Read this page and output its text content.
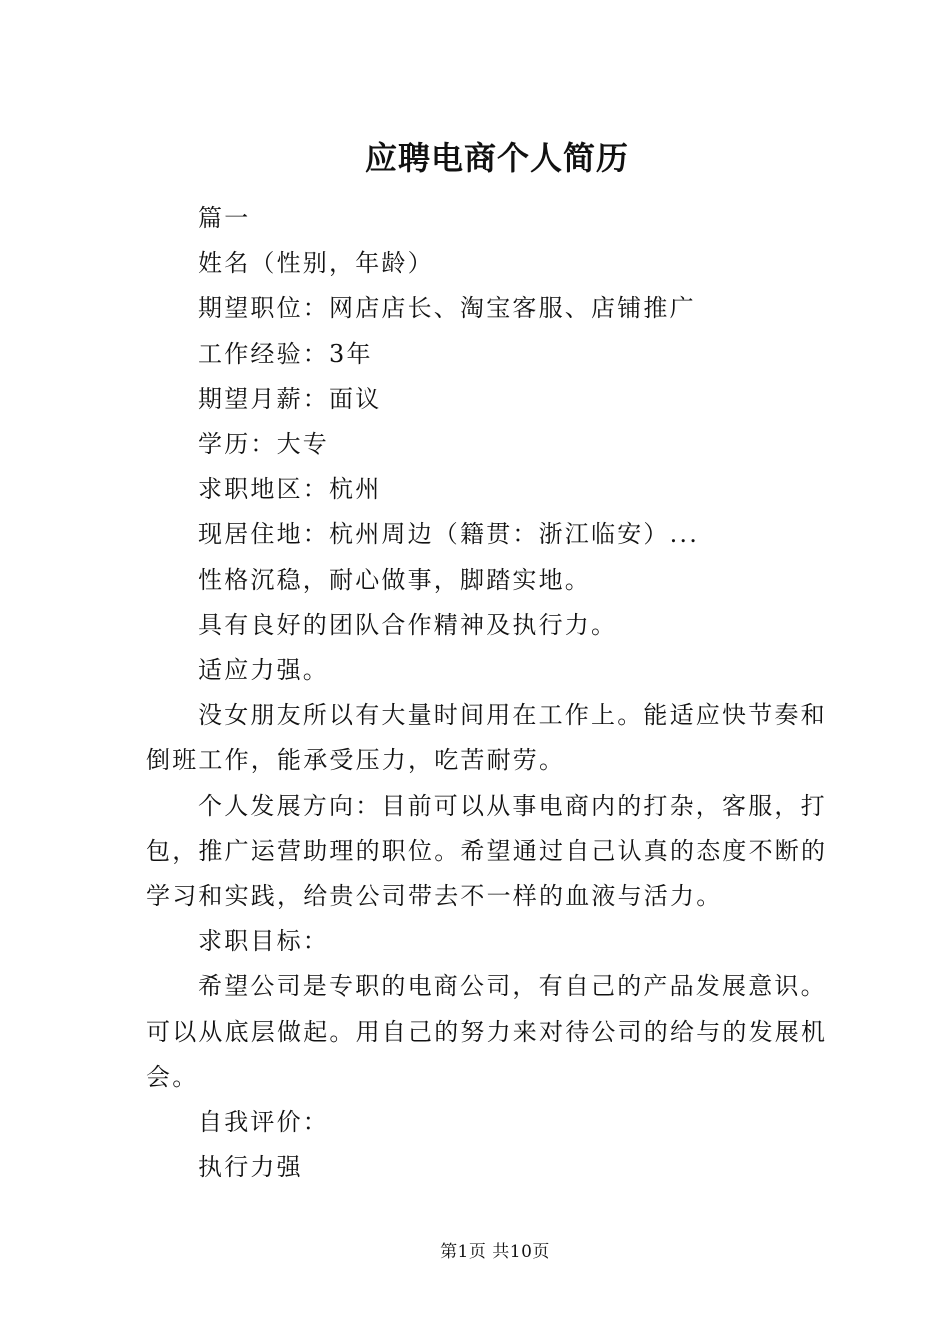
应聘电商个人简历

篇一

姓名（性别，年龄）

期望职位：网店店长、淘宝客服、店铺推广

工作经验：3年

期望月薪：面议

学历：大专

求职地区：杭州

现居住地：杭州周边（籍贯：浙江临安）...

性格沉稳，耐心做事，脚踏实地。

具有良好的团队合作精神及执行力。

适应力强。

没女朋友所以有大量时间用在工作上。能适应快节奏和倒班工作，能承受压力，吃苦耐劳。

个人发展方向：目前可以从事电商内的打杂，客服，打包，推广运营助理的职位。希望通过自己认真的态度不断的学习和实践，给贵公司带去不一样的血液与活力。

求职目标：

希望公司是专职的电商公司，有自己的产品发展意识。可以从底层做起。用自己的努力来对待公司的给与的发展机会。

自我评价：

执行力强

第1页 共10页
